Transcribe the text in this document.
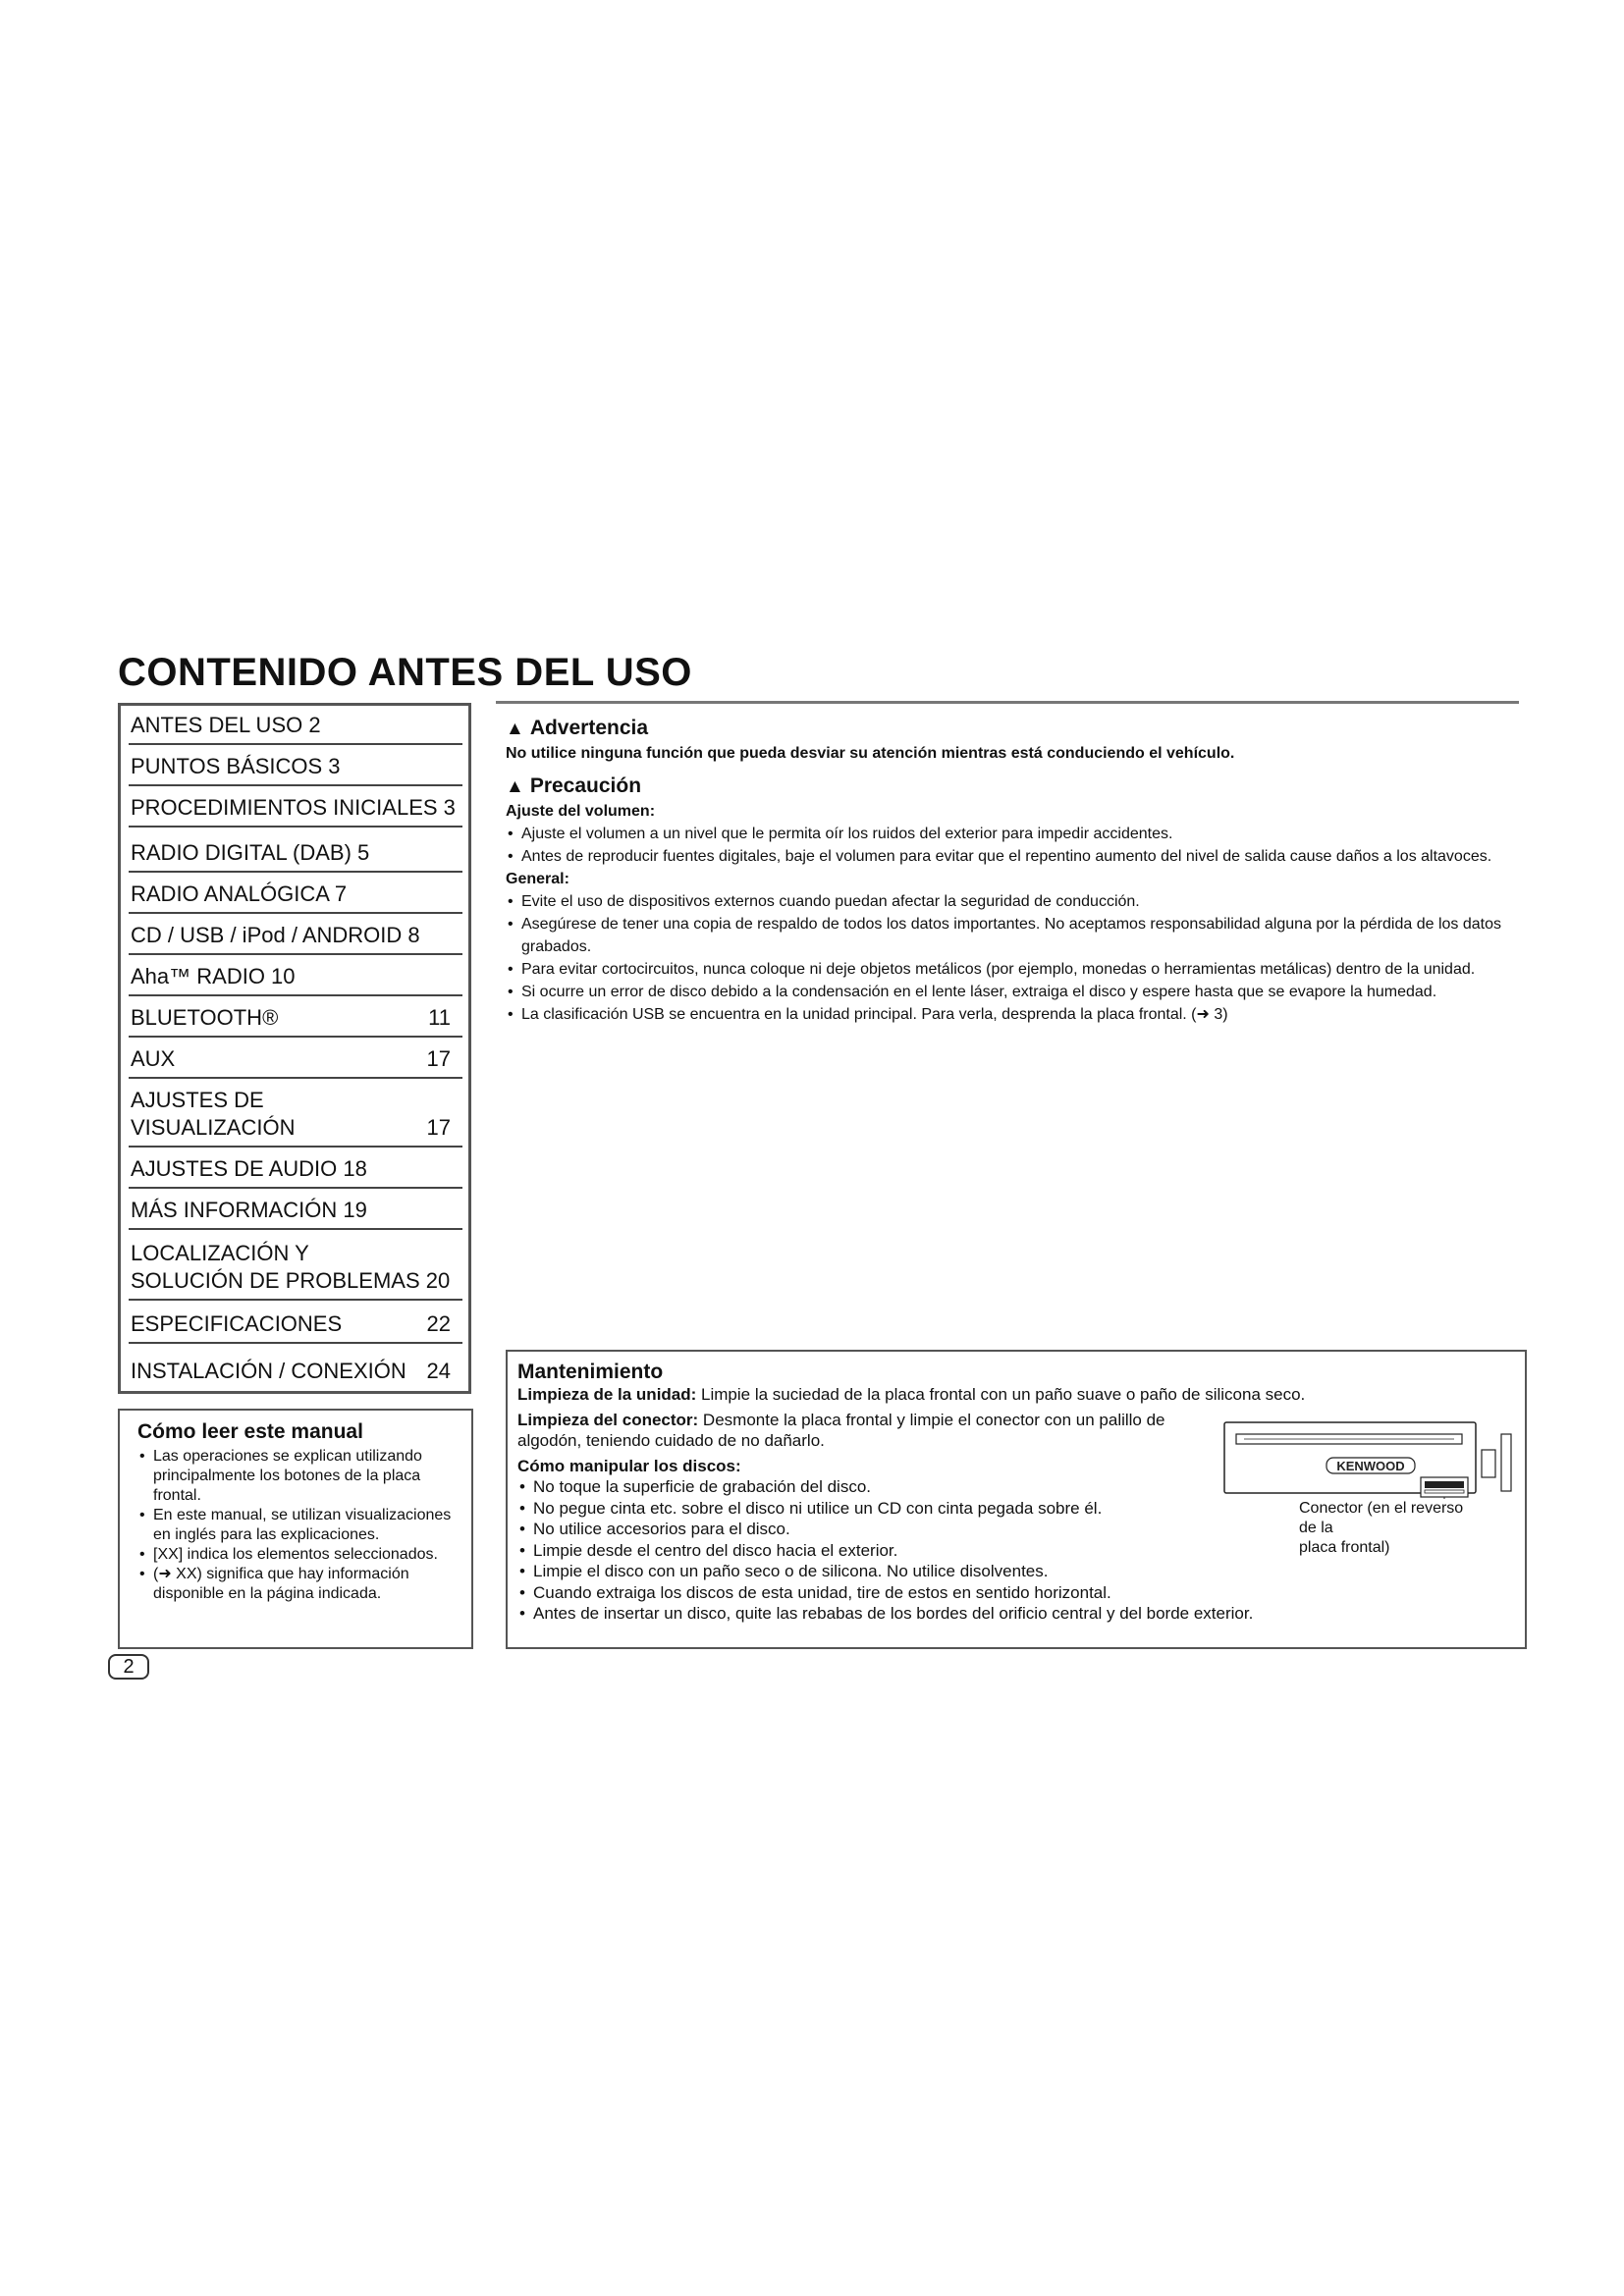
CONTENIDO ANTES DEL USO
ANTES DEL USO 2
PUNTOS BÁSICOS 3
PROCEDIMIENTOS INICIALES 3
RADIO DIGITAL (DAB) 5
RADIO ANALÓGICA 7
CD / USB / iPod / ANDROID 8
Aha™ RADIO 10
BLUETOOTH®	11
AUX	17
AJUSTES DE
VISUALIZACIÓN	17
AJUSTES DE AUDIO 18
MÁS INFORMACIÓN 19
LOCALIZACIÓN Y
SOLUCIÓN DE PROBLEMAS 20
ESPECIFICACIONES	22
INSTALACIÓN / CONEXIÓN 24
Cómo leer este manual
• Las operaciones se explican utilizando principalmente los botones de la placa frontal.
• En este manual, se utilizan visualizaciones en inglés para las explicaciones.
• [XX] indica los elementos seleccionados.
• (➜ XX) significa que hay información disponible en la página indicada.
▲ Advertencia

No utilice ninguna función que pueda desviar su atención mientras está conduciendo el vehículo.

▲ Precaución

Ajuste del volumen:

• Ajuste el volumen a un nivel que le permita oír los ruidos del exterior para impedir accidentes.
• Antes de reproducir fuentes digitales, baje el volumen para evitar que el repentino aumento del nivel de salida cause daños a los altavoces.

General:

• Evite el uso de dispositivos externos cuando puedan afectar la seguridad de conducción.
• Asegúrese de tener una copia de respaldo de todos los datos importantes. No aceptamos responsabilidad alguna por la pérdida de los datos grabados.
• Para evitar cortocircuitos, nunca coloque ni deje objetos metálicos (por ejemplo, monedas o herramientas metálicas) dentro de la unidad.
• Si ocurre un error de disco debido a la condensación en el lente láser, extraiga el disco y espere hasta que se evapore la humedad.
• La clasificación USB se encuentra en la unidad principal. Para verla, desprenda la placa frontal. (➜ 3)
Mantenimiento

Limpieza de la unidad: Limpie la suciedad de la placa frontal con un paño suave o paño de silicona seco.

Limpieza del conector: Desmonte la placa frontal y limpie el conector con un palillo de algodón, teniendo cuidado de no dañarlo.

Cómo manipular los discos:

• No toque la superficie de grabación del disco.
• No pegue cinta etc. sobre el disco ni utilice un CD con cinta pegada sobre él.
• No utilice accesorios para el disco.
• Limpie desde el centro del disco hacia el exterior.
• Limpie el disco con un paño seco o de silicona. No utilice disolventes.
• Cuando extraiga los discos de esta unidad, tire de estos en sentido horizontal.
• Antes de insertar un disco, quite las rebabas de los bordes del orificio central y del borde exterior.
KENWOOD
Conector (en el reverso de la
placa frontal)
2
